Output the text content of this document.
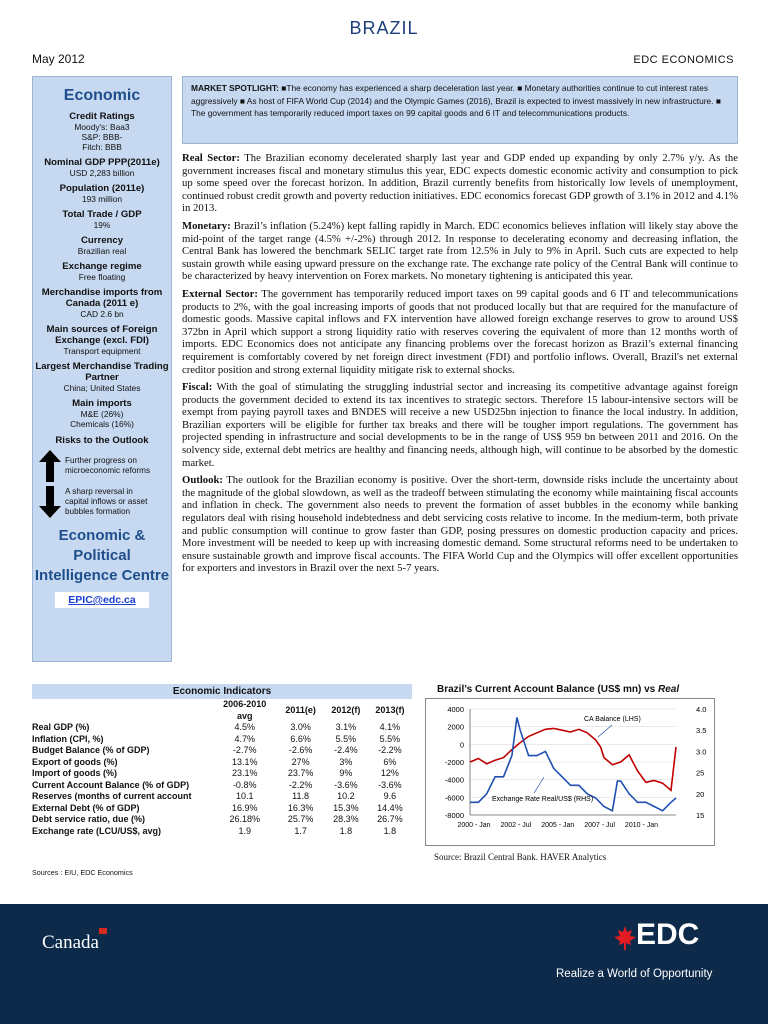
BRAZIL
May 2012	EDC ECONOMICS
Economic
Credit Ratings
Moody's: Baa3
S&P: BBB-
Fitch: BBB
Nominal GDP PPP(2011e)
USD 2,283 billion
Population (2011e)
193 million
Total Trade / GDP
19%
Currency
Brazilian real
Exchange regime
Free floating
Merchandise imports from Canada (2011 e)
CAD 2.6 bn
Main sources of Foreign Exchange (excl. FDI)
Transport equipment
Largest Merchandise Trading Partner
China; United States
Main imports
M&E (26%)
Chemicals (16%)
Risks to the Outlook
Further progress on microeconomic reforms
A sharp reversal in capital inflows or asset bubbles formation
Economic & Political Intelligence Centre
EPIC@edc.ca
MARKET SPOTLIGHT: ■The economy has experienced a sharp deceleration last year. ■ Monetary authorities continue to cut interest rates aggressively ■ As host of FIFA World Cup (2014) and the Olympic Games (2016), Brazil is expected to invest massively in new infrastructure. ■ The government has temporarily reduced import taxes on 99 capital goods and 6 IT and telecommunications products.

Real Sector: The Brazilian economy decelerated sharply last year and GDP ended up expanding by only 2.7% y/y. As the government increases fiscal and monetary stimulus this year, EDC expects domestic economic activity and consumption to pick up some speed over the forecast horizon. In addition, Brazil currently benefits from historically low levels of unemployment, continued robust credit growth and poverty reduction initiatives. EDC economics forecast GDP growth of 3.1% in 2012 and 4.1% in 2013.

Monetary: Brazil’s inflation (5.24%) kept falling rapidly in March. EDC economics believes inflation will likely stay above the mid-point of the target range (4.5% +/-2%) through 2012. In response to decelerating economy and decreasing inflation, the Central Bank has lowered the benchmark SELIC target rate from 12.5% in July to 9% in April. Such cuts are expected to help sustain growth while easing upward pressure on the exchange rate. The exchange rate policy of the Central Bank will continue to be characterized by heavy intervention on Forex markets. No monetary tightening is anticipated this year.

External Sector: The government has temporarily reduced import taxes on 99 capital goods and 6 IT and telecommunications products to 2%, with the goal increasing imports of goods that not produced locally but that are required for the manufacture of domestic goods. Massive capital inflows and FX intervention have allowed foreign exchange reserves to grow to around US$ 372bn in April which support a strong liquidity ratio with reserves covering the equivalent of more than 12 months worth of imports. EDC Economics does not anticipate any financing problems over the forecast horizon as Brazil’s external financing requirement is comfortably covered by net foreign direct investment (FDI) and portfolio inflows. Overall, Brazil's net external creditor position and strong external liquidity mitigate risk to external shocks.

Fiscal: With the goal of stimulating the struggling industrial sector and increasing its competitive advantage against foreign products the government decided to extend its tax incentives to strategic sectors. Therefore 15 labour-intensive sectors will be exempt from paying payroll taxes and BNDES will receive a new USD25bn injection to finance the local industry. In addition, Brazilian exporters will be eligible for further tax breaks and there will be tougher import regulations. The government has projected spending in infrastructure and social developments to be in the range of US$ 959 bn between 2011 and 2016. On the solvency side, external debt metrics are healthy and financing needs, although high, will continue to be absorbed by the domestic market.

Outlook: The outlook for the Brazilian economy is positive. Over the short-term, downside risks include the uncertainty about the magnitude of the global slowdown, as well as the tradeoff between stimulating the economy while maintaining fiscal accounts and inflation in check. The government also needs to prevent the formation of asset bubbles in the economy while banking regulators deal with rising household indebtedness and debt servicing costs relative to income. In the medium-term, both private and public consumption will continue to grow faster than GDP, posing pressures on domestic production capacity and prices. More investment will be needed to keep up with increasing domestic demand. Some structural reforms need to be undertaken to ensure sustainable growth and improve fiscal accounts. The FIFA World Cup and the Olympics will offer excellent opportunities for exporters and investors in Brazil over the next 5-7 years.

Economic Indicators
	2006-2010
avg	2011(e)	2012(f)	2013(f)
Real GDP (%)	4.5%	3.0%	3.1%	4.1%
Inflation (CPI, %)	4.7%	6.6%	5.5%	5.5%
Budget Balance (% of GDP)	-2.7%	-2.6%	-2.4%	-2.2%
Export of goods (%)	13.1%	27%	3%	6%
Import of goods (%)	23.1%	23.7%	9%	12%
Current Account Balance (% of GDP)	-0.8%	-2.2%	-3.6%	-3.6%
Reserves (months of current account	10.1	11.8	10.2	9.6
External Debt (% of GDP)	16.9%	16.3%	15.3%	14.4%
Debt service ratio, due (%)	26.18%	25.7%	28.3%	26.7%
Exchange rate (LCU/US$, avg)	1.9	1.7	1.8	1.8
Sources : EIU, EDC Economics
Brazil’s Current Account Balance (US$ mn) vs Real
4000
2000
0
-2000
-4000
-6000
-8000
4.0
3.5
3.0
25
20
15
2000 - Jan 2002 - Jul 2005 - Jan 2007 - Jul 2010 - Jan
CA Balance (LHS)
Exchange Rate Real/US$ (RHS)
Source: Brazil Central Bank. HAVER Analytics
Canada	EDC
Realize a World of Opportunity
